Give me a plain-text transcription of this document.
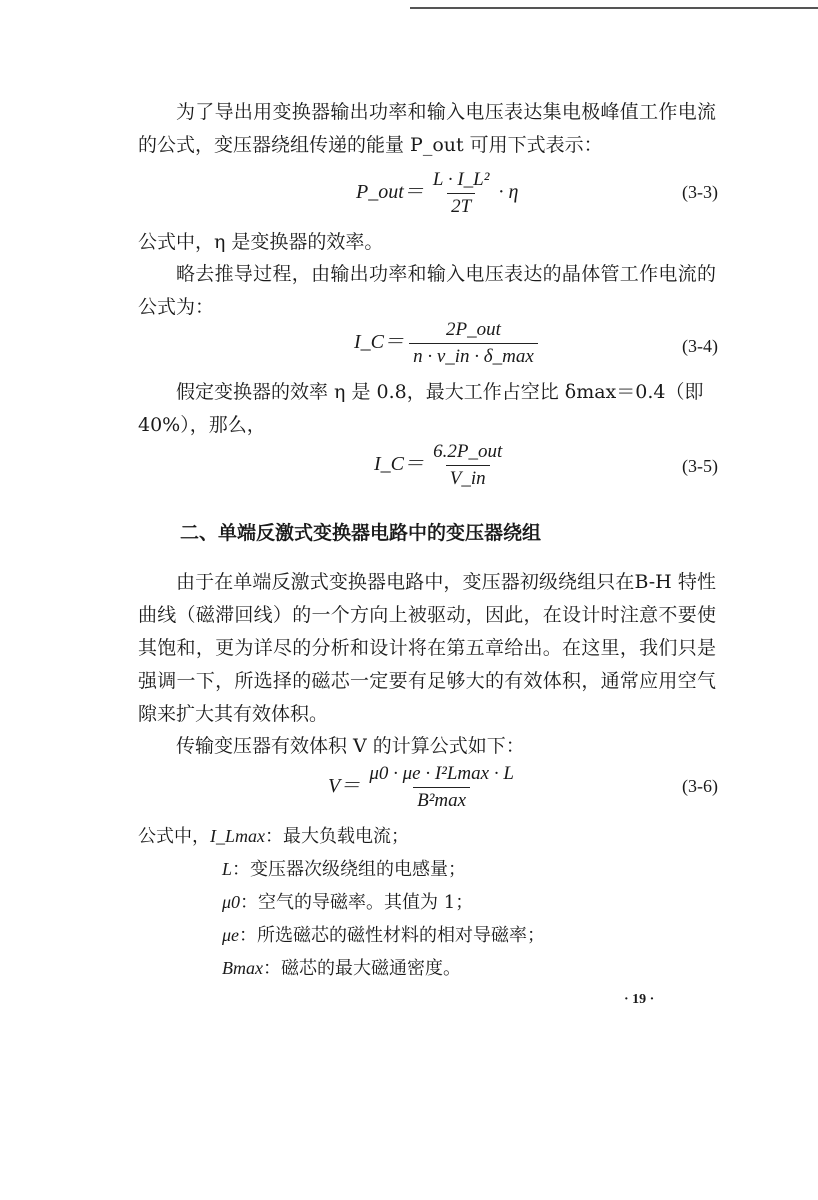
为了导出用变换器输出功率和输入电压表达集电极峰值工作电流的公式，变压器绕组传递的能量 P_out 可用下式表示：
P_out＝ $\frac{\text{L · I\_L²}}{2T} \cdot \eta$	(3-3)
公式中，η 是变换器的效率。
略去推导过程，由输出功率和输入电压表达的晶体管工作电流的公式为：
I_C＝ $\frac{\text{2P\_out}}{n \cdot v\_in \cdot \delta\_\max}$	(3-4)
假定变换器的效率 η 是 0.8，最大工作占空比 δmax＝0.4（即 40%），那么，
I_C＝ $\frac{\text{6.2P\_out}}{V\_in}$	(3-5)
二、单端反激式变换器电路中的变压器绕组
由于在单端反激式变换器电路中，变压器初级绕组只在B-H 特性曲线（磁滞回线）的一个方向上被驱动，因此，在设计时注意不要使其饱和，更为详尽的分析和设计将在第五章给出。在这里，我们只是强调一下，所选择的磁芯一定要有足够大的有效体积，通常应用空气隙来扩大其有效体积。
传输变压器有效体积 V 的计算公式如下：
$V= \frac{\text{μ0 · μe · I²Lmax · L}}{\text{B²max}}$	(3-6)
公式中，I_Lmax：最大负载电流；
L：变压器次级绕组的电感量；
μ0：空气的导磁率。其值为 1；
μe：所选磁芯的磁性材料的相对导磁率；
Bmax：磁芯的最大磁通密度。
· 19 ·
